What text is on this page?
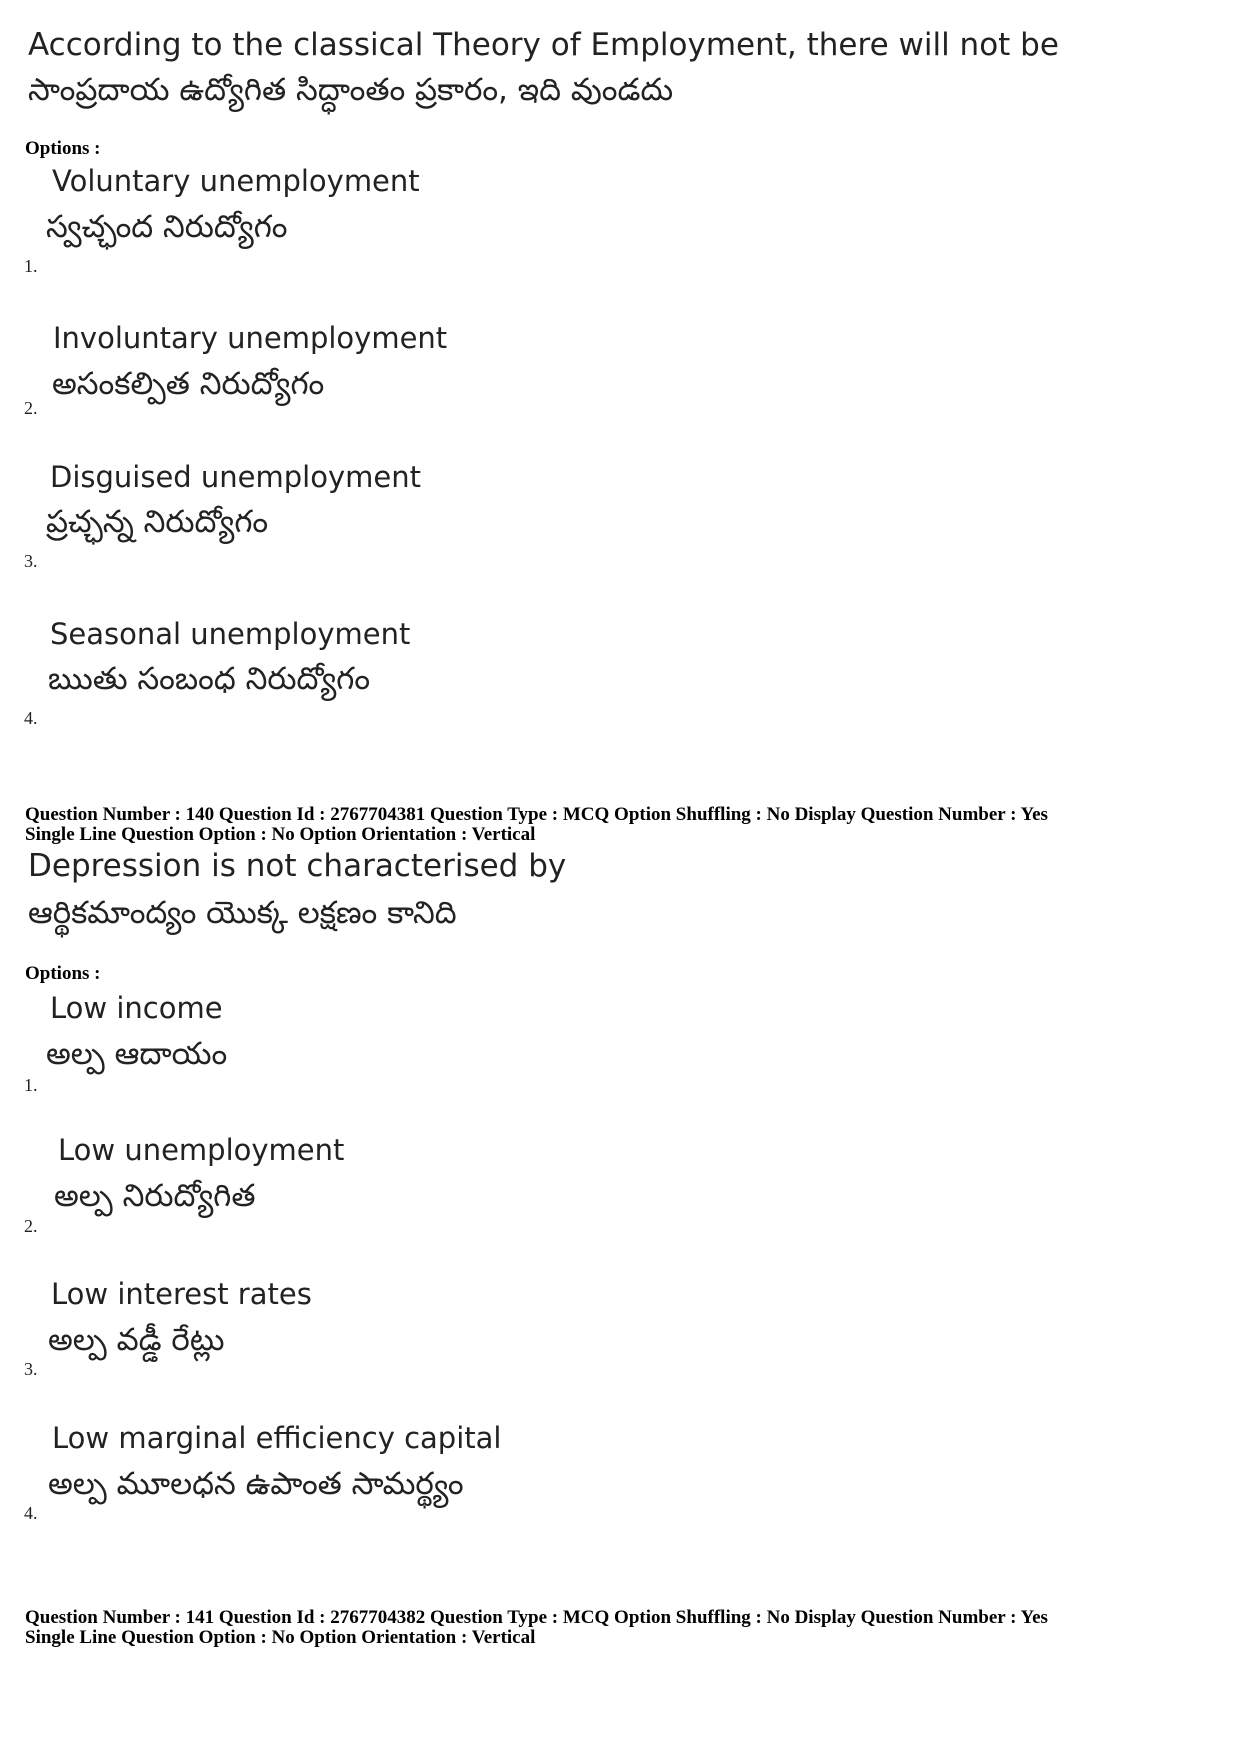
According to the classical Theory of Employment, there will not be
సాంప్రదాయ ఉద్యోగిత సిద్ధాంతం ప్రకారం, ఇది వుండదు
Options :
Voluntary unemployment
స్వచ్ఛంద నిరుద్యోగం
1.
Involuntary unemployment
అసంకల్పిత నిరుద్యోగం
2.
Disguised unemployment
ప్రచ్ఛన్న నిరుద్యోగం
3.
Seasonal unemployment
ఋతు సంబంధ నిరుద్యోగం
4.
Question Number : 140 Question Id : 2767704381 Question Type : MCQ Option Shuffling : No Display Question Number : Yes
Single Line Question Option : No Option Orientation : Vertical
Depression is not characterised by
ఆర్థికమాంద్యం యొక్క లక్షణం కానిది
Options :
Low income
అల్ప ఆదాయం
1.
Low unemployment
అల్ప నిరుద్యోగిత
2.
Low interest rates
అల్ప వడ్డీ రేట్లు
3.
Low marginal efficiency capital
అల్ప మూలధన ఉపాంత సామర్థ్యం
4.
Question Number : 141 Question Id : 2767704382 Question Type : MCQ Option Shuffling : No Display Question Number : Yes
Single Line Question Option : No Option Orientation : Vertical
